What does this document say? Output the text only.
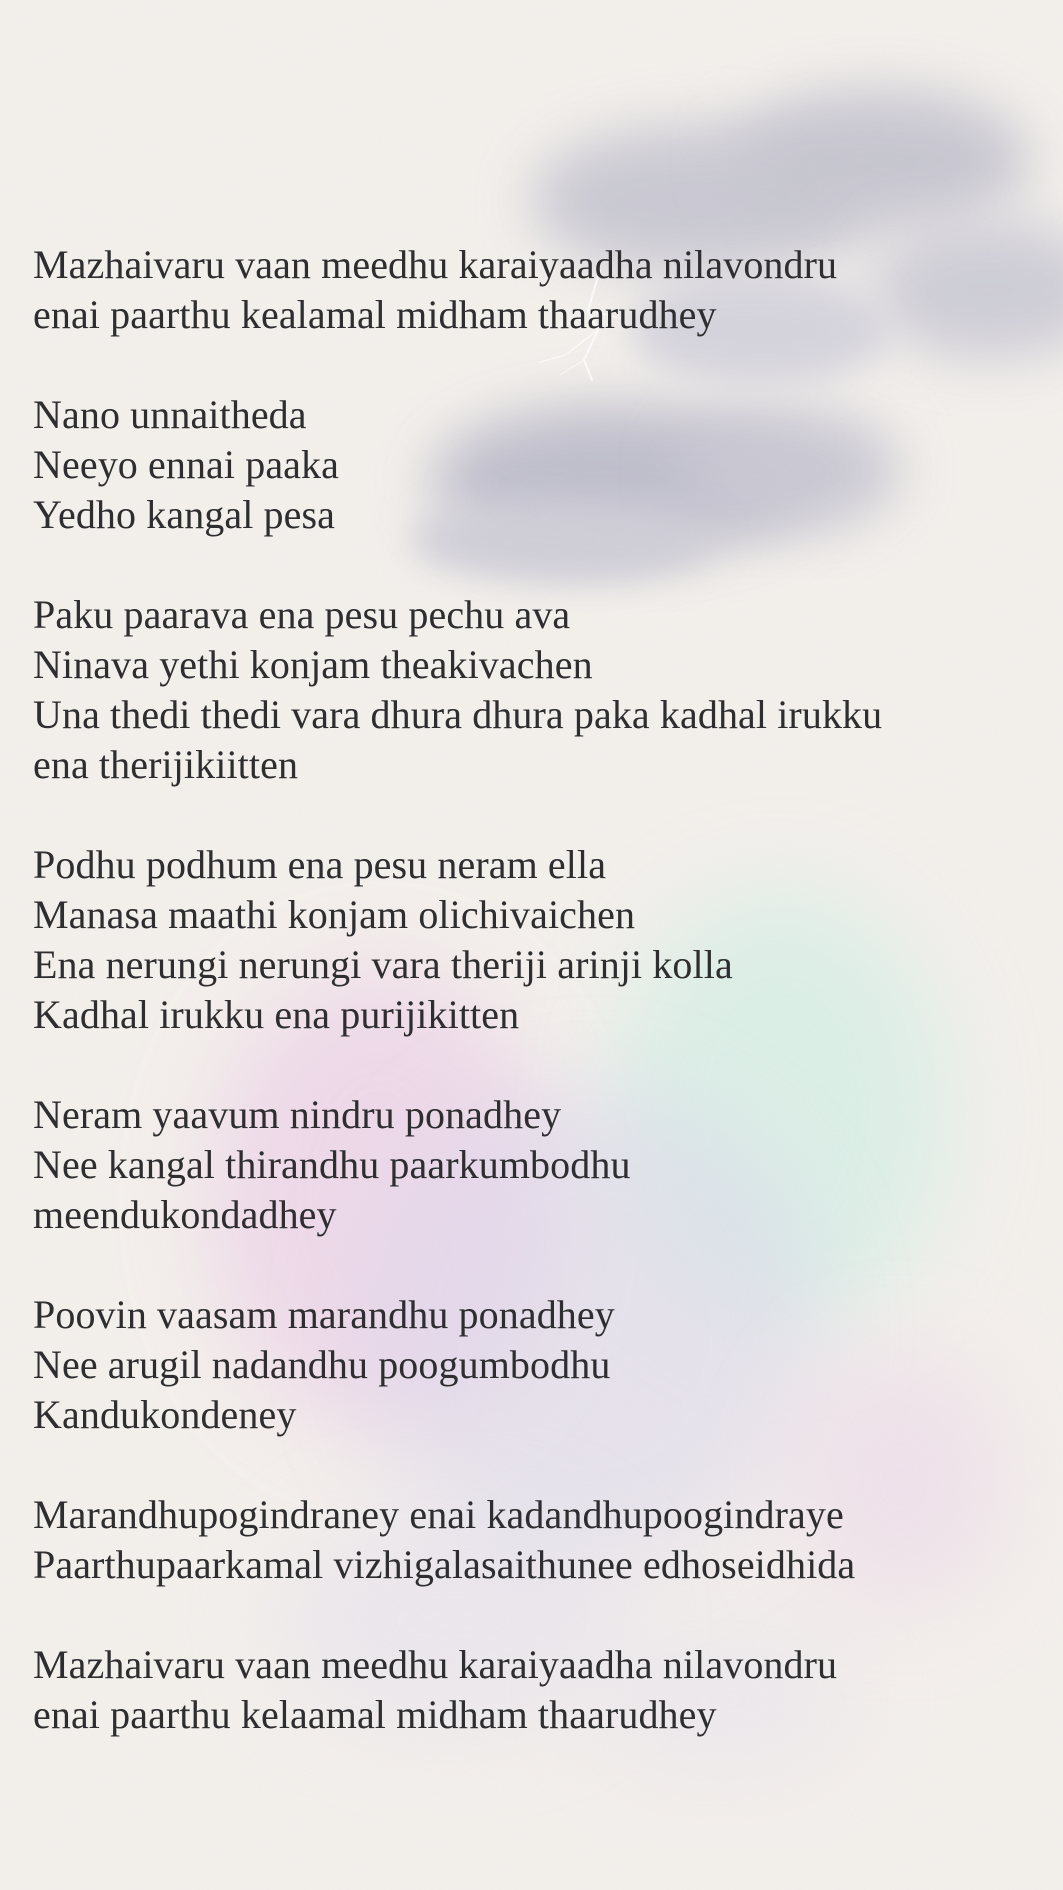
Mazhaivaru vaan meedhu karaiyaadha nilavondru
enai paarthu kealamal midham thaarudhey
Nano unnaitheda
Neeyo ennai paaka
Yedho kangal pesa
Paku paarava ena pesu pechu ava
Ninava yethi konjam theakivachen
Una thedi thedi vara dhura dhura paka kadhal irukku
ena therijikiitten
Podhu podhum ena pesu neram ella
Manasa maathi konjam olichivaichen
Ena nerungi nerungi vara theriji arinji kolla
Kadhal irukku ena purijikitten
Neram yaavum nindru ponadhey
Nee kangal thirandhu paarkumbodhu
meendukondadhey
Poovin vaasam marandhu ponadhey
Nee arugil nadandhu poogumbodhu
Kandukondeney
Marandhupogindraney enai kadandhupoogindraye
Paarthupaarkamal vizhigalasaithunee edhoseidhida
Mazhaivaru vaan meedhu karaiyaadha nilavondru
enai paarthu kelaamal midham thaarudhey
